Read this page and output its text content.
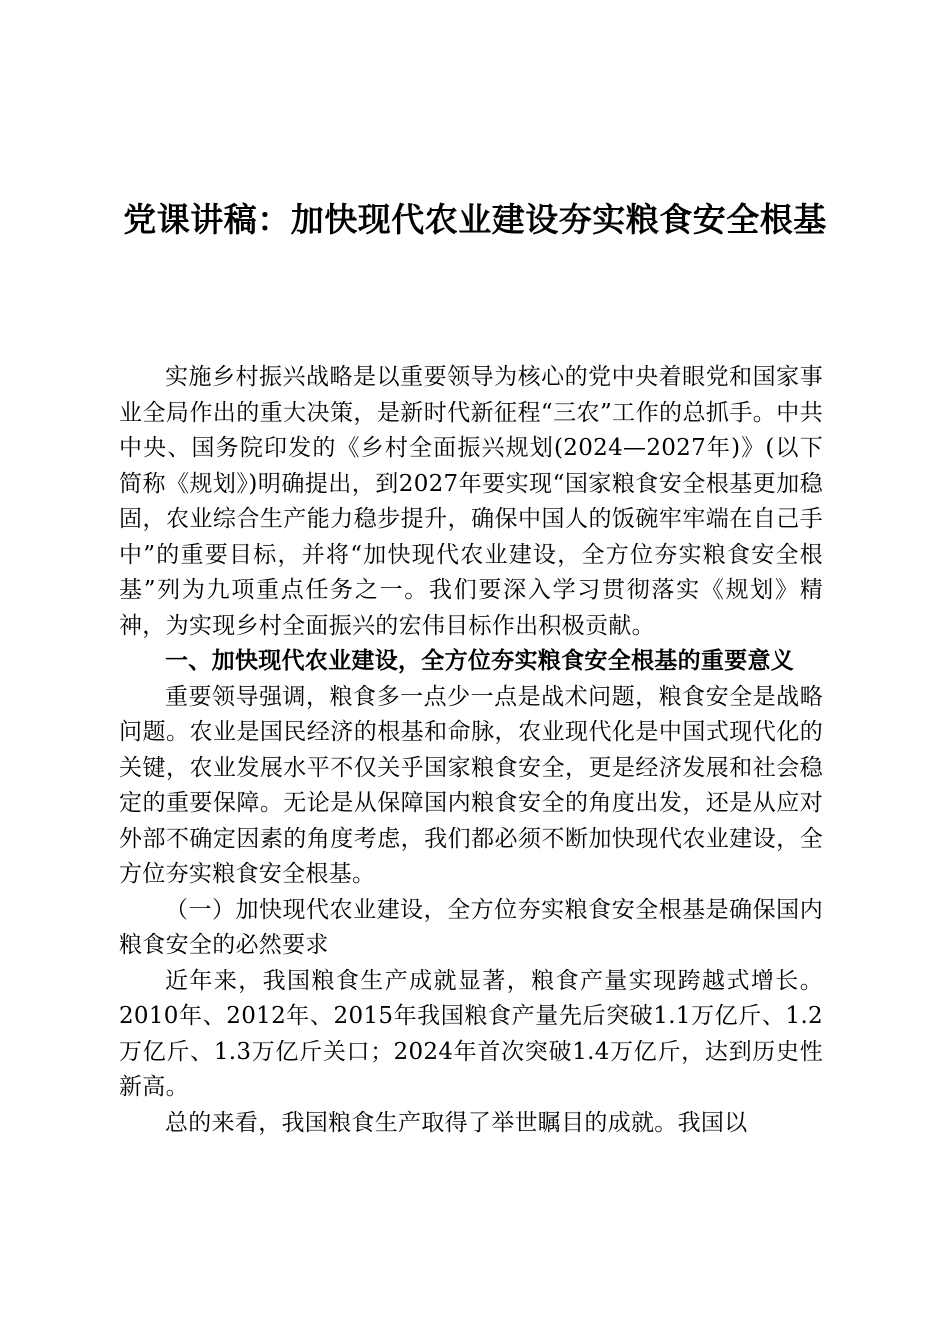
党课讲稿：加快现代农业建设夯实粮食安全根基

实施乡村振兴战略是以重要领导为核心的党中央着眼党和国家事业全局作出的重大决策，是新时代新征程“三农”工作的总抓手。中共中央、国务院印发的《乡村全面振兴规划(2024—2027年)》(以下简称《规划》)明确提出，到2027年要实现“国家粮食安全根基更加稳固，农业综合生产能力稳步提升，确保中国人的饭碗牢牢端在自己手中”的重要目标，并将“加快现代农业建设，全方位夯实粮食安全根基”列为九项重点任务之一。我们要深入学习贯彻落实《规划》精神，为实现乡村全面振兴的宏伟目标作出积极贡献。

一、加快现代农业建设，全方位夯实粮食安全根基的重要意义

重要领导强调，粮食多一点少一点是战术问题，粮食安全是战略问题。农业是国民经济的根基和命脉，农业现代化是中国式现代化的关键，农业发展水平不仅关乎国家粮食安全，更是经济发展和社会稳定的重要保障。无论是从保障国内粮食安全的角度出发，还是从应对外部不确定因素的角度考虑，我们都必须不断加快现代农业建设，全方位夯实粮食安全根基。

（一）加快现代农业建设，全方位夯实粮食安全根基是确保国内粮食安全的必然要求

近年来，我国粮食生产成就显著，粮食产量实现跨越式增长。2010年、2012年、2015年我国粮食产量先后突破1.1万亿斤、1.2万亿斤、1.3万亿斤关口；2024年首次突破1.4万亿斤，达到历史性新高。

总的来看，我国粮食生产取得了举世瞩目的成就。我国以
